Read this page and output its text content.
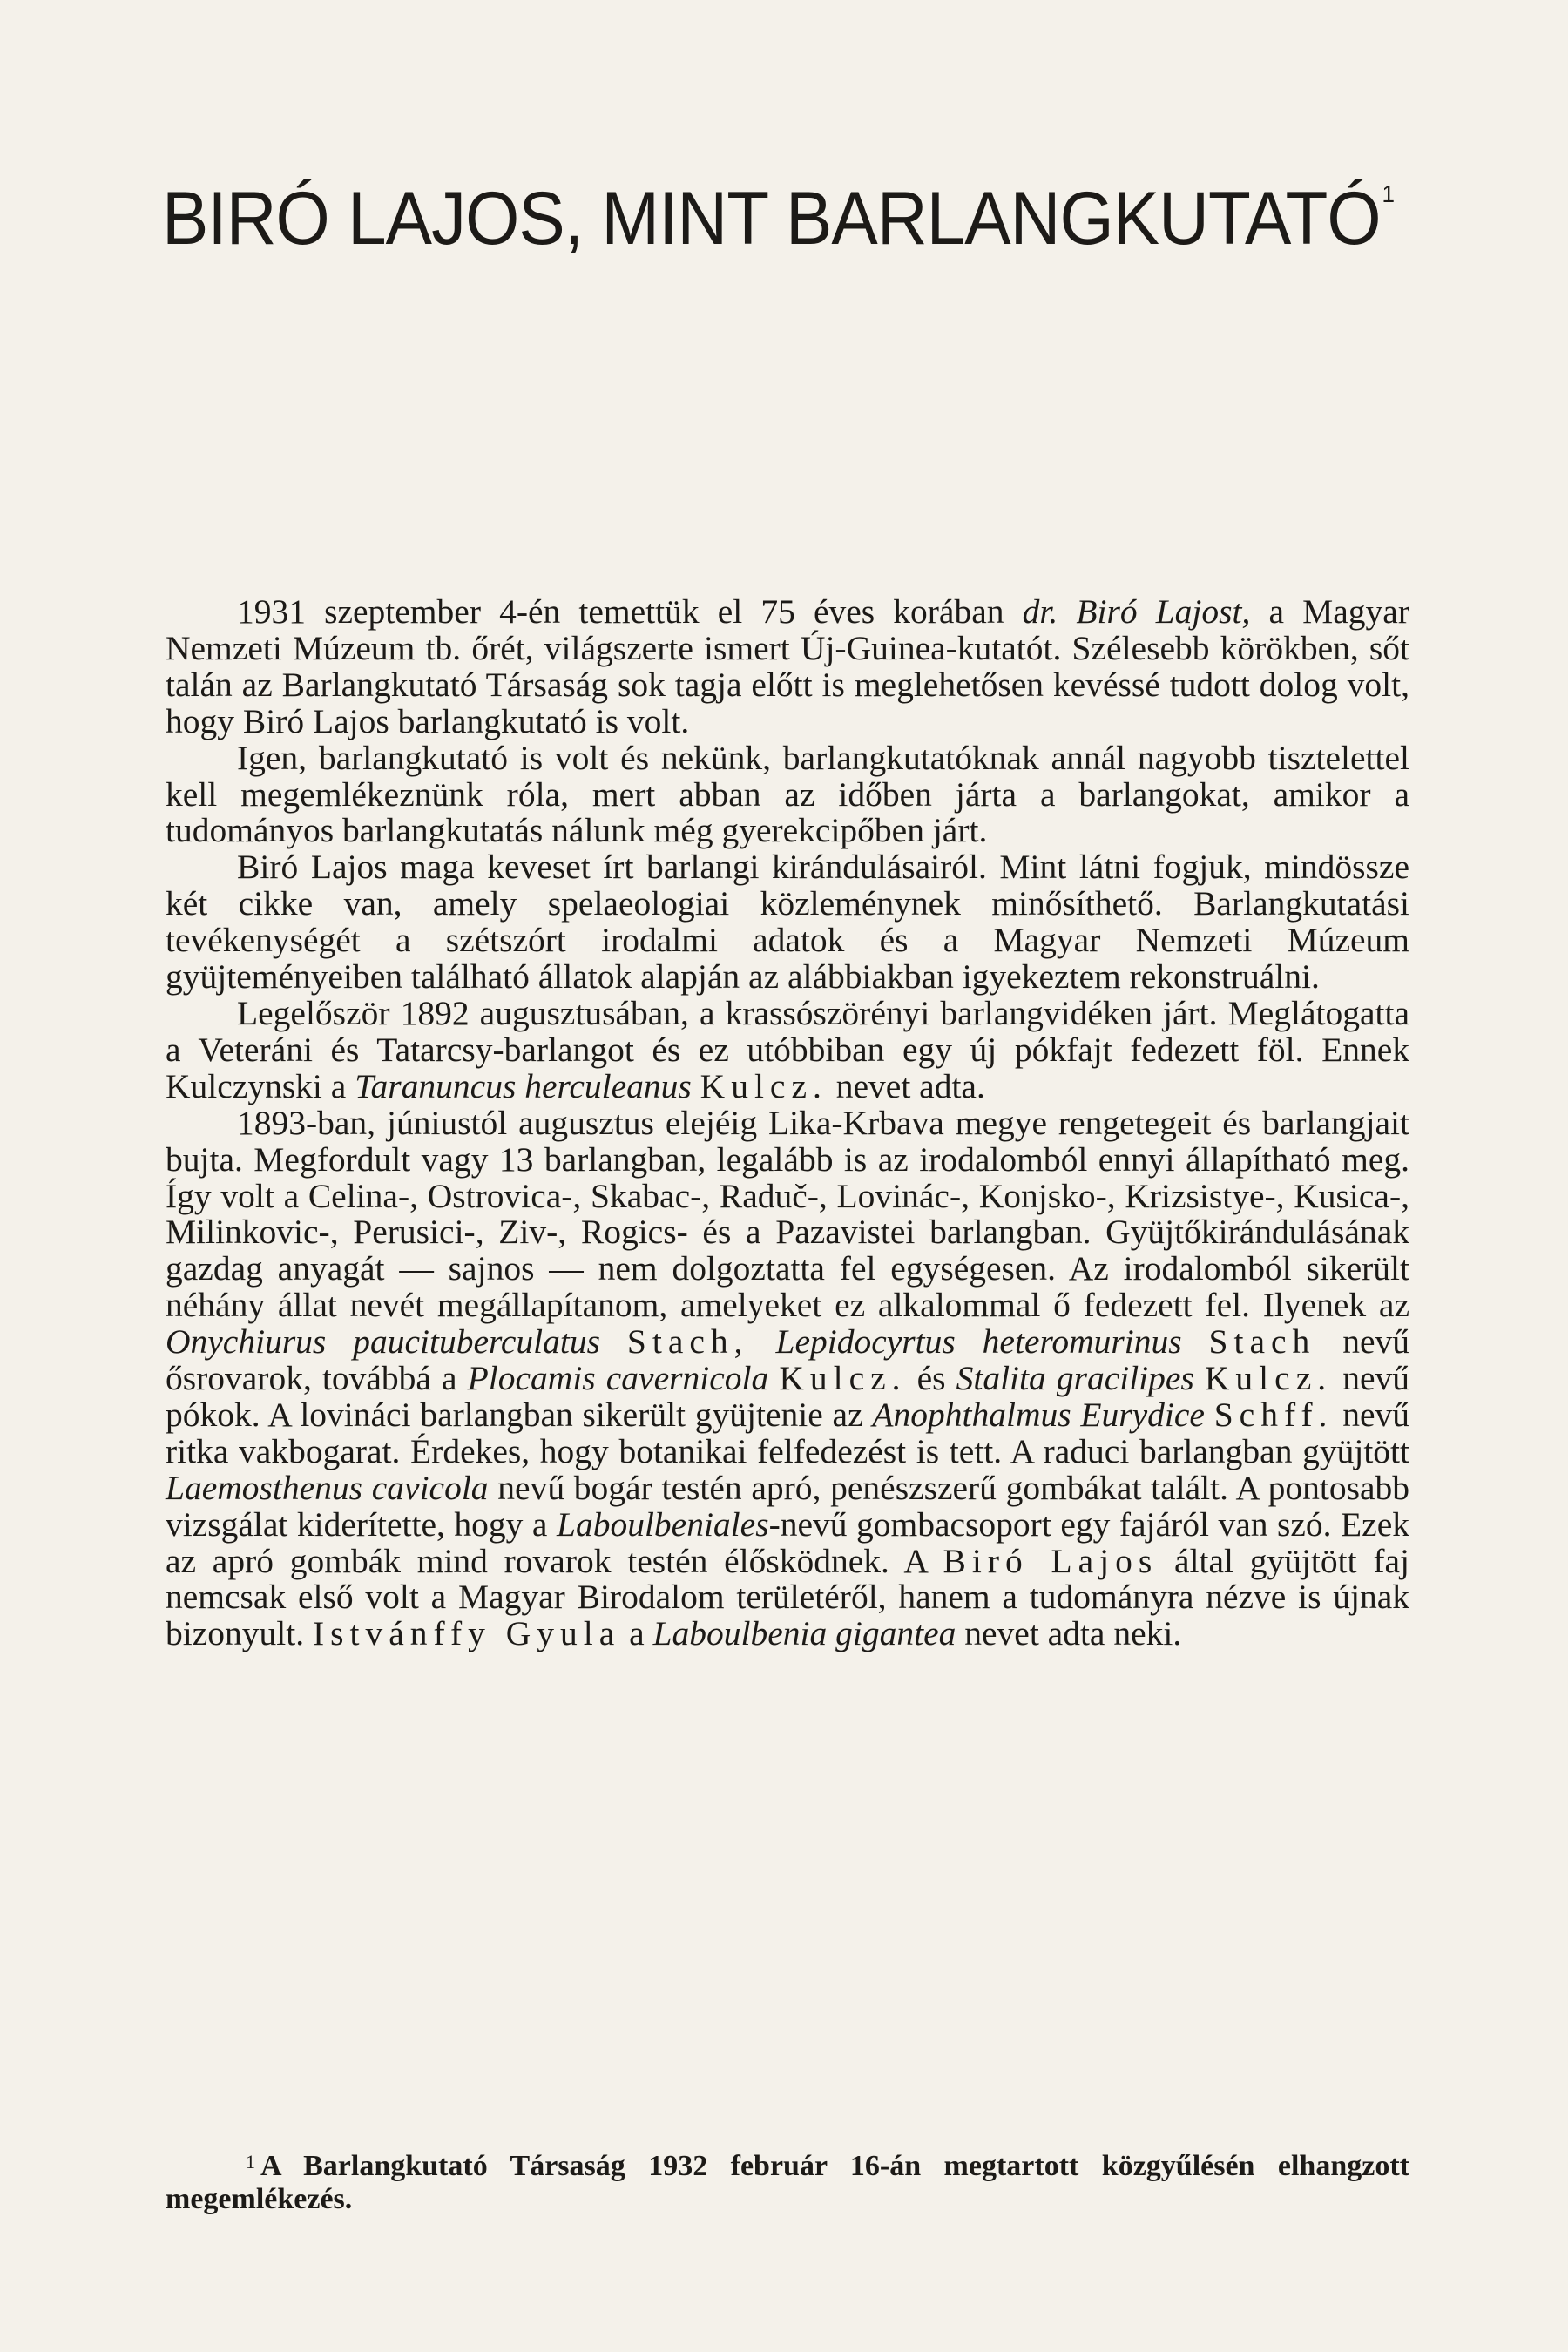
BIRÓ LAJOS, MINT BARLANGKUTATÓ$^1$

1931 szeptember 4-én temettük el 75 éves korában dr. Biró Lajost, a Magyar Nemzeti Múzeum tb. őrét, világszerte ismert Új-Guinea-kutatót. Szélesebb körökben, sőt talán az Barlangkutató Társaság sok tagja előtt is meglehetősen kevéssé tudott dolog volt, hogy Biró Lajos barlangkutató is volt.

Igen, barlangkutató is volt és nekünk, barlangkutatóknak annál nagyobb tisztelettel kell megemlékeznünk róla, mert abban az időben járta a barlangokat, amikor a tudományos barlangkutatás nálunk még gyerekcipőben járt.

Biró Lajos maga keveset írt barlangi kirándulásairól. Mint látni fogjuk, mindössze két cikke van, amely spelaeologiai közleménynek minősíthető. Barlangkutatási tevékenységét a szétszórt irodalmi adatok és a Magyar Nemzeti Múzeum gyüjteményeiben található állatok alapján az alábbiakban igyekeztem rekonstruálni.

Legelőször 1892 augusztusában, a krassószörényi barlangvidéken járt. Meglátogatta a Veteráni és Tatarcsy-barlangot és ez utóbbiban egy új pókfajt fedezett föl. Ennek Kulczynski a Taranuncus herculeanus Kulcz. nevet adta.

1893-ban, júniustól augusztus elejéig Lika-Krbava megye rengetegeit és barlangjait bujta. Megfordult vagy 13 barlangban, legalább is az irodalomból ennyi állapítható meg. Így volt a Celina-, Ostrovica-, Skabac-, Raduč-, Lovinác-, Konjsko-, Krizsistye-, Kusica-, Milinkovic-, Perusici-, Ziv-, Rogics- és a Pazavistei barlangban. Gyüjtőkirándulásának gazdag anyagát — sajnos — nem dolgoztatta fel egységesen. Az irodalomból sikerült néhány állat nevét megállapítanom, amelyeket ez alkalommal ő fedezett fel. Ilyenek az Onychiurus paucituberculatus Stach, Lepidocyrtus heteromurinus Stach nevű ősrovarok, továbbá a Plocamis cavernicola Kulcz. és Stalita gracilipes Kulcz. nevű pókok. A lovináci barlangban sikerült gyüjtenie az Anophthalmus Eurydice Schff. nevű ritka vakbogarat. Érdekes, hogy botanikai felfedezést is tett. A raduci barlangban gyüjtött Laemosthenus cavicola nevű bogár testén apró, penészszerű gombákat talált. A pontosabb vizsgálat kiderítette, hogy a Laboulbeniales-nevű gombacsoport egy fajáról van szó. Ezek az apró gombák mind rovarok testén élősködnek. A Biró Lajos által gyüjtött faj nemcsak első volt a Magyar Birodalom területéről, hanem a tudományra nézve is újnak bizonyult. Istvánffy Gyula a Laboulbenia gigantea nevet adta neki.

$^1$ A Barlangkutató Társaság 1932 február 16-án megtartott közgyűlésén elhangzott megemlékezés.
